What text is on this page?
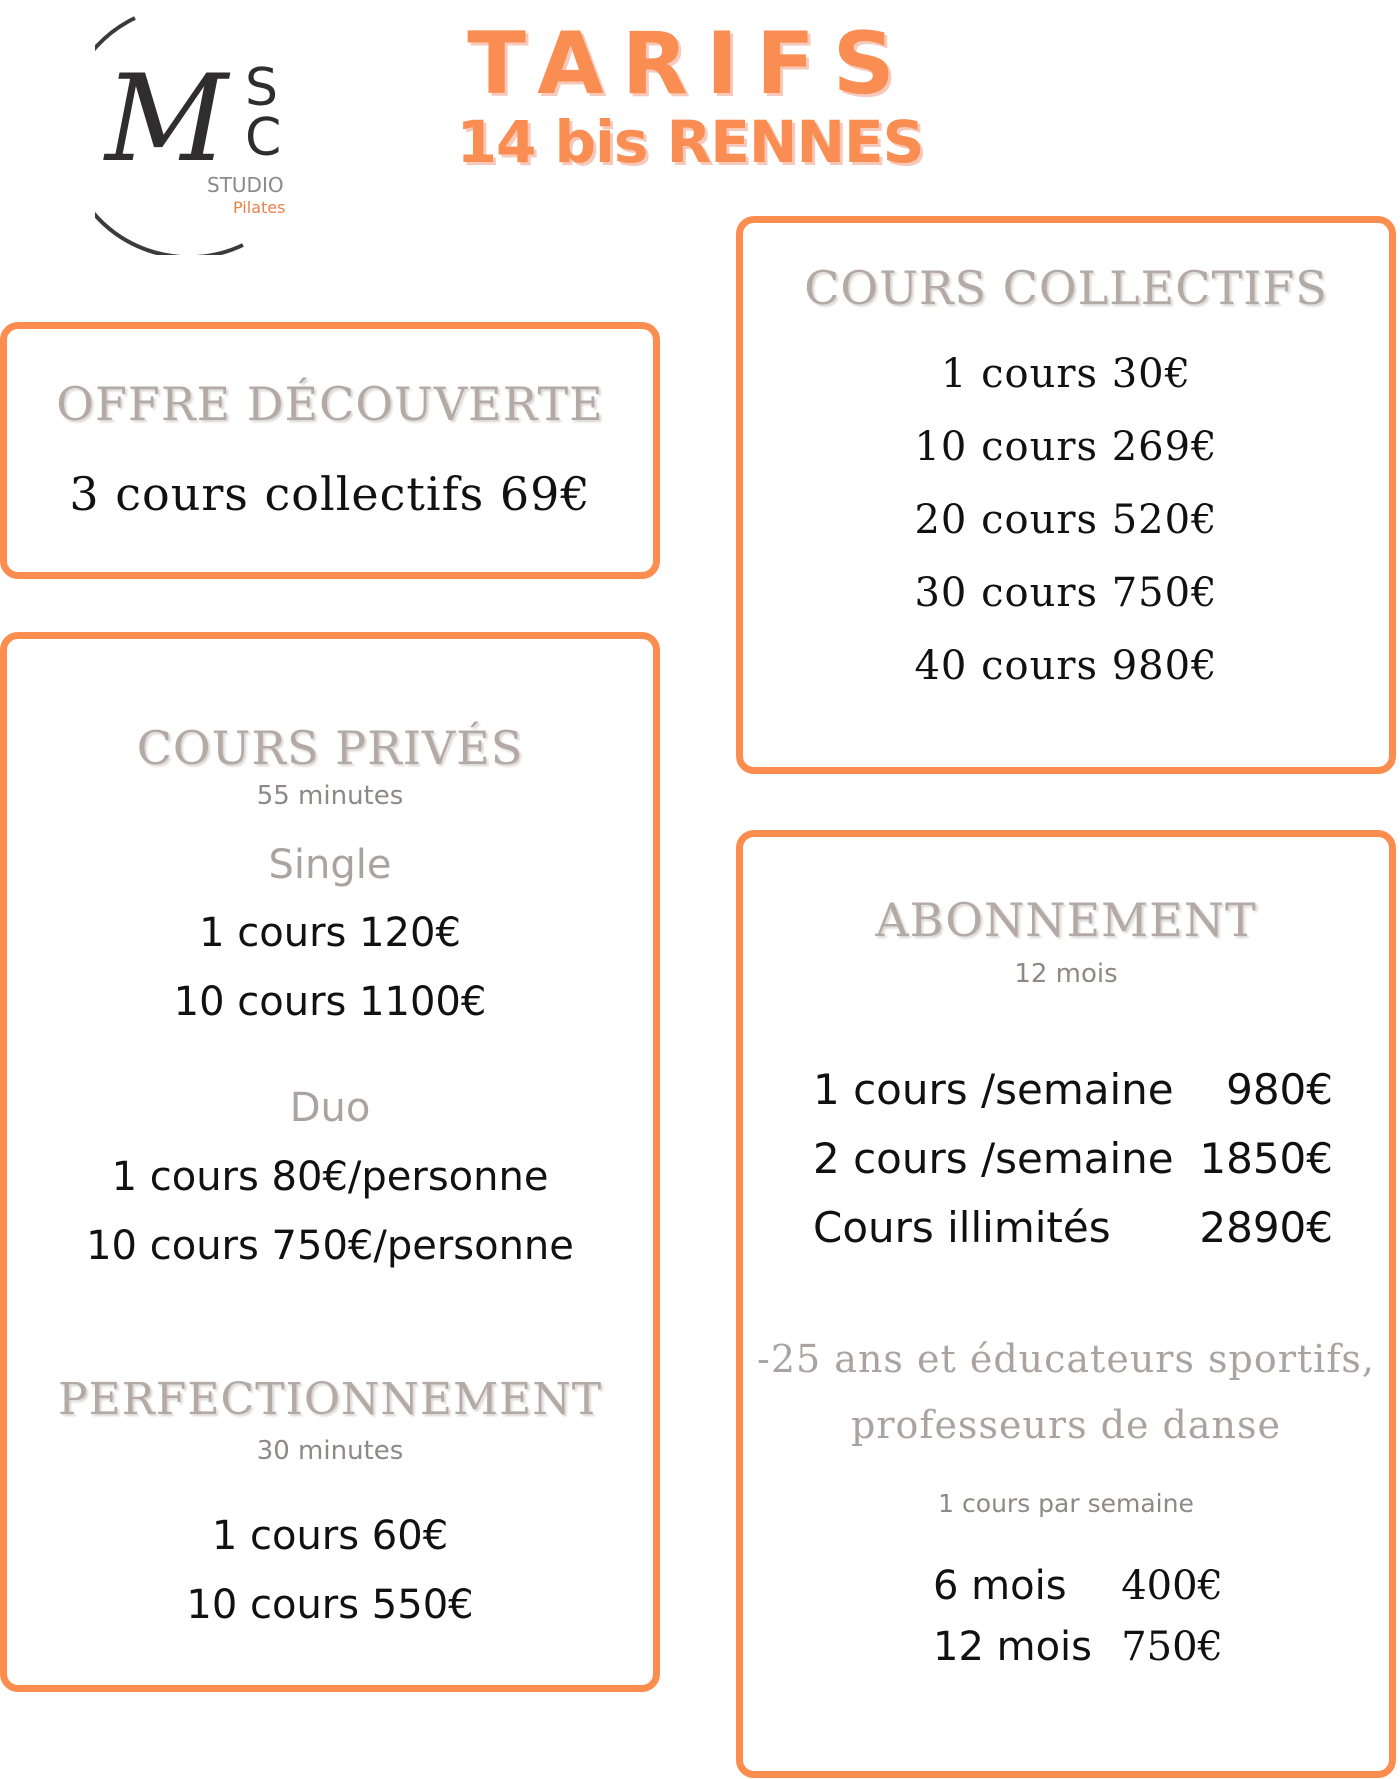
M S
C
STUDIO
Pilates
TARIFS
14 bis RENNES
OFFRE DÉCOUVERTE
3 cours collectifs 69€
COURS COLLECTIFS
1 cours 30€
10 cours 269€
20 cours 520€
30 cours 750€
40 cours 980€
COURS PRIVÉS
55 minutes
Single
1 cours 120€
10 cours 1100€
Duo
1 cours 80€/personne
10 cours 750€/personne
PERFECTIONNEMENT
30 minutes
1 cours 60€
10 cours 550€
ABONNEMENT
12 mois
1 cours /semaine 980€
2 cours /semaine 1850€
Cours illimités 2890€
-25 ans et éducateurs sportifs,
professeurs de danse
1 cours par semaine
6 mois 400€
12 mois 750€
